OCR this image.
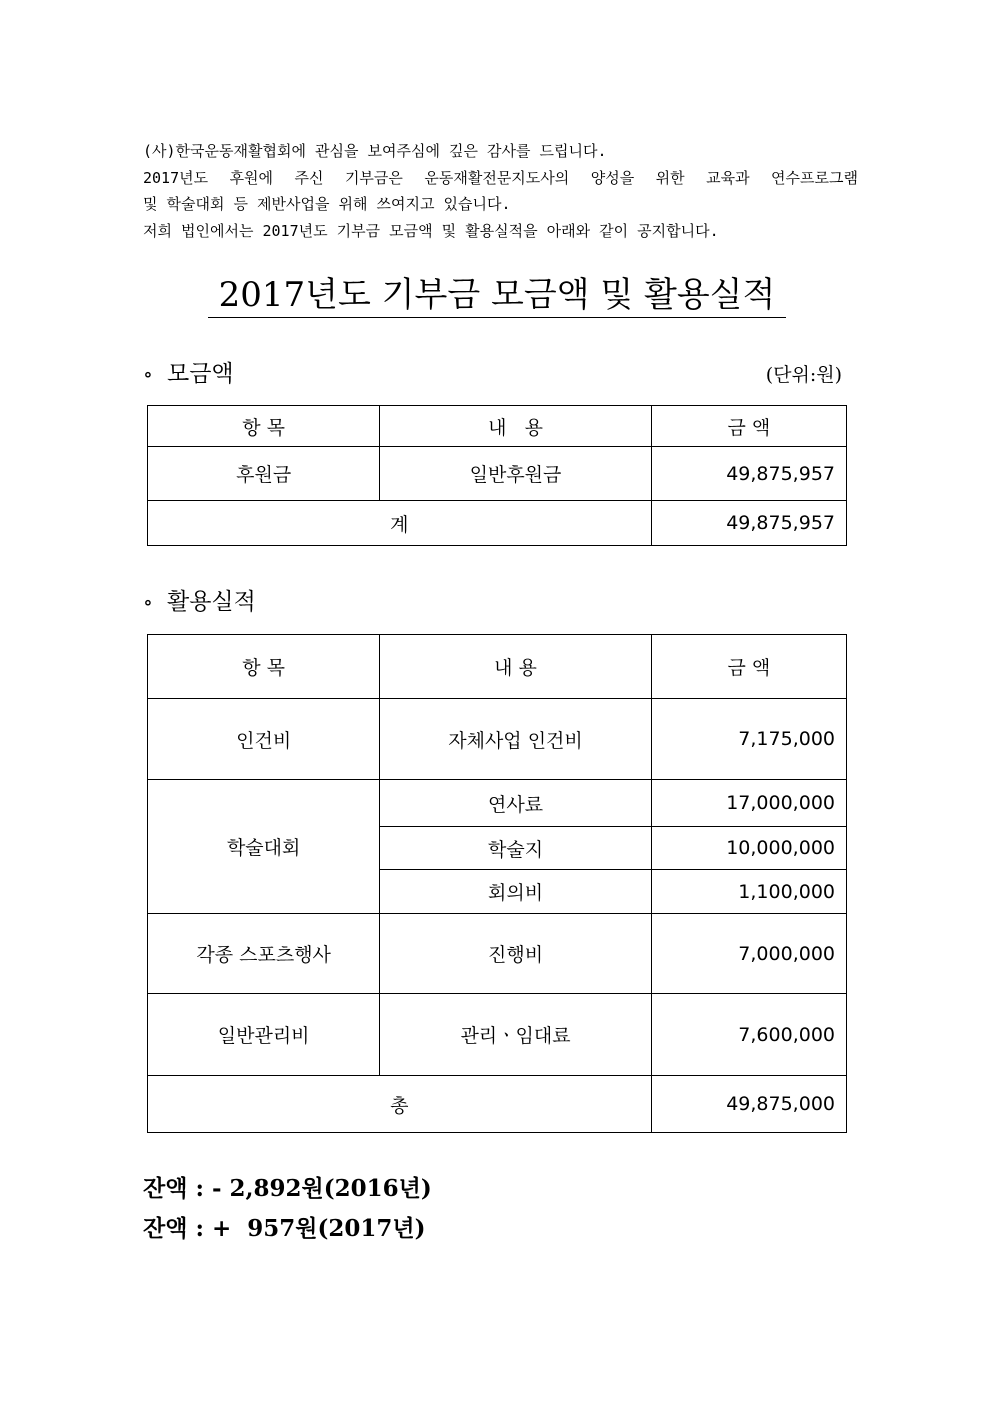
(사)한국운동재활협회에 관심을 보여주심에 깊은 감사를 드립니다.

2017년도 후원에 주신 기부금은 운동재활전문지도사의 양성을 위한 교육과 연수프로그램

및 학술대회 등 제반사업을 위해 쓰여지고 있습니다.

저희 법인에서는 2017년도 기부금 모금액 및 활용실적을 아래와 같이 공지합니다.

2017년도 기부금 모금액 및 활용실적
∘ 모금액	(단위:원)
항 목	내   용	금 액
후원금	일반후원금	49,875,957
계		49,875,957
∘ 활용실적
항 목	내 용	금 액
인건비	자체사업 인건비	7,175,000
학술대회	연사료	17,000,000
	학술지	10,000,000
	회의비	1,100,000
각종 스포츠행사	진행비	7,000,000
일반관리비	관리ㆍ임대료	7,600,000
총		49,875,000
잔액 : - 2,892원(2016년)
잔액 : +  957원(2017년)
